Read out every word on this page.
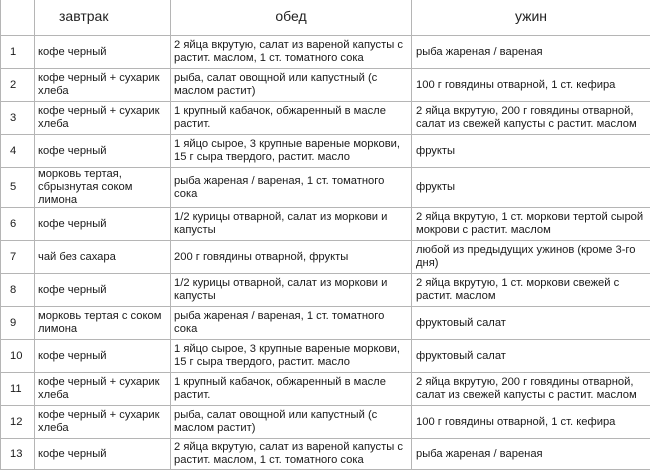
	завтрак	обед	ужин
1	кофе черный	2 яйца вкрутую, салат из вареной капусты с растит. маслом, 1 ст. томатного сока	рыба жареная / вареная
2	кофе черный + сухарик хлеба	рыба, салат овощной или капустный (с маслом растит)	100 г говядины отварной, 1 ст. кефира
3	кофе черный + сухарик хлеба	1 крупный кабачок, обжаренный в масле растит.	2 яйца вкрутую, 200 г говядины отварной, салат из свежей капусты с растит. маслом
4	кофе черный	1 яйцо сырое, 3 крупные вареные моркови, 15 г сыра твердого, растит. масло	фрукты
5	морковь тертая, сбрызнутая соком лимона	рыба жареная / вареная, 1 ст. томатного сока	фрукты
6	кофе черный	1/2 курицы отварной, салат из моркови и капусты	2 яйца вкрутую, 1 ст. моркови тертой сырой мокрови с растит. маслом
7	чай без сахара	200 г говядины отварной, фрукты	любой из предыдущих ужинов (кроме 3-го дня)
8	кофе черный	1/2 курицы отварной, салат из моркови и капусты	2 яйца вкрутую, 1 ст. моркови свежей с растит. маслом
9	морковь тертая с соком лимона	рыба жареная / вареная, 1 ст. томатного сока	фруктовый салат
10	кофе черный	1 яйцо сырое, 3 крупные вареные моркови, 15 г сыра твердого, растит. масло	фруктовый салат
11	кофе черный + сухарик хлеба	1 крупный кабачок, обжаренный в масле растит.	2 яйца вкрутую, 200 г говядины отварной, салат из свежей капусты с растит. маслом
12	кофе черный + сухарик хлеба	рыба, салат овощной или капустный (с маслом растит)	100 г говядины отварной, 1 ст. кефира
13	кофе черный	2 яйца вкрутую, салат из вареной капусты с растит. маслом, 1 ст. томатного сока	рыба жареная / вареная
